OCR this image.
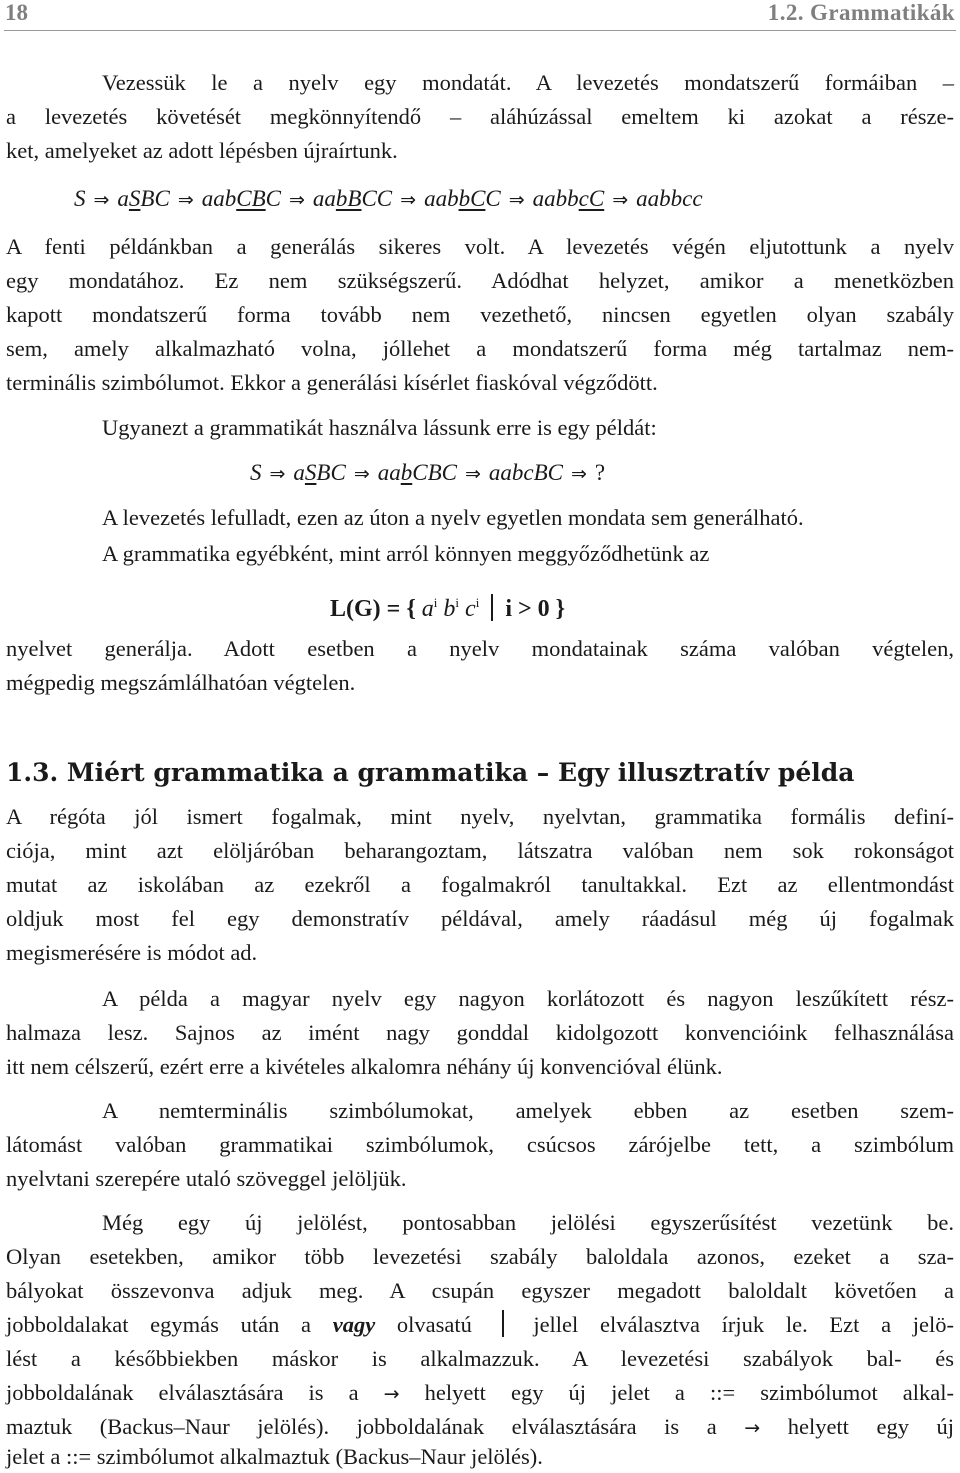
18	1.2. Grammatikák
Vezessük le a nyelv egy mondatát. A levezetés mondatszerű formáiban –
a levezetés követését megkönnyítendő – aláhúzással emeltem ki azokat a része-
ket, amelyeket az adott lépésben újraírtunk.
S ⇒ aSBC ⇒ aabCBC ⇒ aabBCC ⇒ aabbCC ⇒ aabbcC ⇒ aabbcc
A fenti példánkban a generálás sikeres volt. A levezetés végén eljutottunk a nyelv
egy mondatához. Ez nem szükségszerű. Adódhat helyzet, amikor a menetközben
kapott mondatszerű forma tovább nem vezethető, nincsen egyetlen olyan szabály
sem, amely alkalmazható volna, jóllehet a mondatszerű forma még tartalmaz nem-
terminális szimbólumot. Ekkor a generálási kísérlet fiaskóval végződött.
Ugyanezt a grammatikát használva lássunk erre is egy példát:
S ⇒ aSBC ⇒ aabCBC ⇒ aabcBC ⇒ ?
A levezetés lefulladt, ezen az úton a nyelv egyetlen mondata sem generálható.
A grammatika egyébként, mint arról könnyen meggyőződhetünk az
L(G) = { $a^i$ $b^i$ $c^i$ i > 0 }
nyelvet generálja. Adott esetben a nyelv mondatainak száma valóban végtelen,
mégpedig megszámlálhatóan végtelen.
1.3. Miért grammatika a grammatika – Egy illusztratív példa
A régóta jól ismert fogalmak, mint nyelv, nyelvtan, grammatika formális definí-
ciója, mint azt elöljáróban beharangoztam, látszatra valóban nem sok rokonságot
mutat az iskolában az ezekről a fogalmakról tanultakkal. Ezt az ellentmondást
oldjuk most fel egy demonstratív példával, amely ráadásul még új fogalmak
megismerésére is módot ad.
A példa a magyar nyelv egy nagyon korlátozott és nagyon leszűkített rész-
halmaza lesz. Sajnos az imént nagy gonddal kidolgozott konvencióink felhasználása
itt nem célszerű, ezért erre a kivételes alkalomra néhány új konvencióval élünk.
A nemterminális szimbólumokat, amelyek ebben az esetben szem-
látomást valóban grammatikai szimbólumok, csúcsos zárójelbe tett, a szimbólum
nyelvtani szerepére utaló szöveggel jelöljük.
Még egy új jelölést, pontosabban jelölési egyszerűsítést vezetünk be.
Olyan esetekben, amikor több levezetési szabály baloldala azonos, ezeket a sza-
bályokat összevonva adjuk meg. A csupán egyszer megadott baloldalt követően a
jobboldalakat egymás után a vagy olvasatú	jellel elválasztva írjuk le. Ezt a jelö-
lést a későbbiekben máskor is alkalmazzuk. A levezetési szabályok bal- és
jobboldalának elválasztására is a → helyett egy új jelet a ::= szimbólumot alkal-
maztuk (Backus–Naur jelölés). jobboldalának elválasztására is a → helyett egy új
jelet a ::= szimbólumot alkalmaztuk (Backus–Naur jelölés).
